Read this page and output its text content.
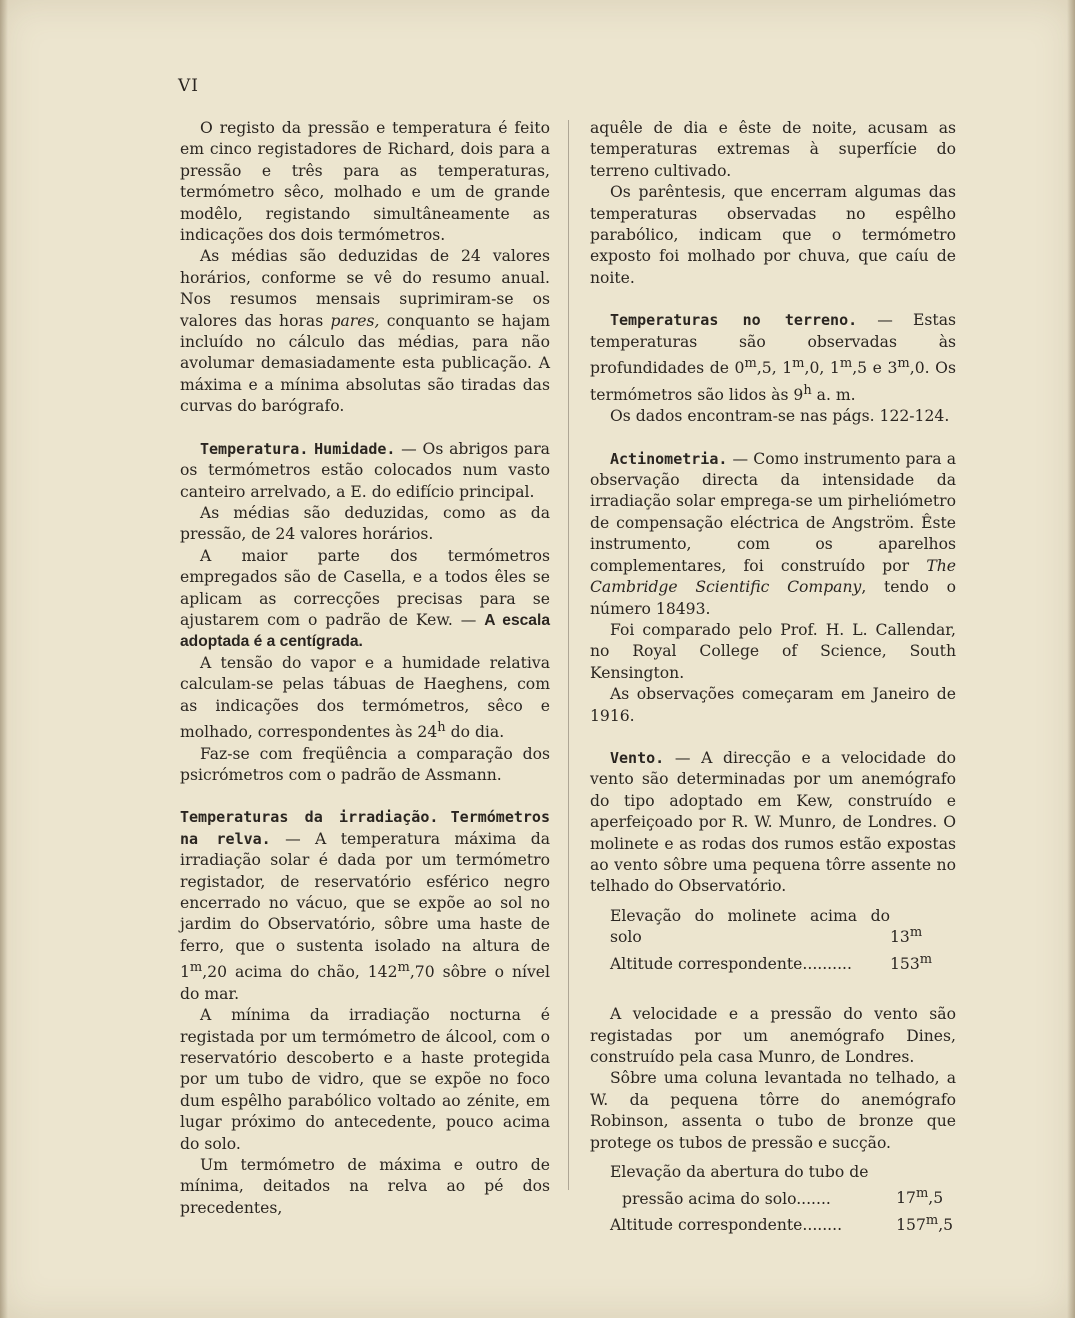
VI

O registo da pressão e temperatura é feito em cinco registadores de Richard, dois para a pressão e três para as temperaturas, termómetro sêco, molhado e um de grande modêlo, registando simultâneamente as indicações dos dois termómetros.

As médias são deduzidas de 24 valores horários, conforme se vê do resumo anual. Nos resumos mensais suprimiram-se os valores das horas pares, conquanto se hajam incluído no cálculo das médias, para não avolumar demasiadamente esta publicação. A máxima e a mínima absolutas são tiradas das curvas do barógrafo.

Temperatura. Humidade. — Os abrigos para os termómetros estão colocados num vasto canteiro arrelvado, a E. do edifício principal.

As médias são deduzidas, como as da pressão, de 24 valores horários.

A maior parte dos termómetros empregados são de Casella, e a todos êles se aplicam as correcções precisas para se ajustarem com o padrão de Kew. — A escala adoptada é a centígrada.

A tensão do vapor e a humidade relativa calculam-se pelas tábuas de Haeghens, com as indicações dos termómetros, sêco e molhado, correspondentes às 24$^h$ do dia.

Faz-se com freqüência a comparação dos psicrómetros com o padrão de Assmann.

Temperaturas da irradiação. Termómetros na relva. — A temperatura máxima da irradiação solar é dada por um termómetro registador, de reservatório esférico negro encerrado no vácuo, que se expõe ao sol no jardim do Observatório, sôbre uma haste de ferro, que o sustenta isolado na altura de 1$^m$,20 acima do chão, 142$^m$,70 sôbre o nível do mar.

A mínima da irradiação nocturna é registada por um termómetro de álcool, com o reservatório descoberto e a haste protegida por um tubo de vidro, que se expõe no foco dum espêlho parabólico voltado ao zénite, em lugar próximo do antecedente, pouco acima do solo.

Um termómetro de máxima e outro de mínima, deitados na relva ao pé dos precedentes,

aquêle de dia e êste de noite, acusam as temperaturas extremas à superfície do terreno cultivado.

Os parêntesis, que encerram algumas das temperaturas observadas no espêlho parabólico, indicam que o termómetro exposto foi molhado por chuva, que caíu de noite.

Temperaturas no terreno. — Estas temperaturas são observadas às profundidades de 0$^m$,5, 1$^m$,0, 1$^m$,5 e 3$^m$,0. Os termómetros são lidos às 9$^h$ a. m.

Os dados encontram-se nas págs. 122-124.

Actinometria. — Como instrumento para a observação directa da intensidade da irradiação solar emprega-se um pirheliómetro de compensação eléctrica de Angström. Êste instrumento, com os aparelhos complementares, foi construído por The Cambridge Scientific Company, tendo o número 18493.

Foi comparado pelo Prof. H. L. Callendar, no Royal College of Science, South Kensington.

As observações começaram em Janeiro de 1916.

Vento. — A direcção e a velocidade do vento são determinadas por um anemógrafo do tipo adoptado em Kew, construído e aperfeiçoado por R. W. Munro, de Londres. O molinete e as rodas dos rumos estão expostas ao vento sôbre uma pequena tôrre assente no telhado do Observatório.

Elevação do molinete acima do solo	13$^m$
Altitude correspondente..........	153$^m$

A velocidade e a pressão do vento são registadas por um anemógrafo Dines, construído pela casa Munro, de Londres.

Sôbre uma coluna levantada no telhado, a W. da pequena tôrre do anemógrafo Robinson, assenta o tubo de bronze que protege os tubos de pressão e sucção.

Elevação da abertura do tubo de	
pressão acima do solo.......	17$^m$,5
Altitude correspondente........	157$^m$,5
